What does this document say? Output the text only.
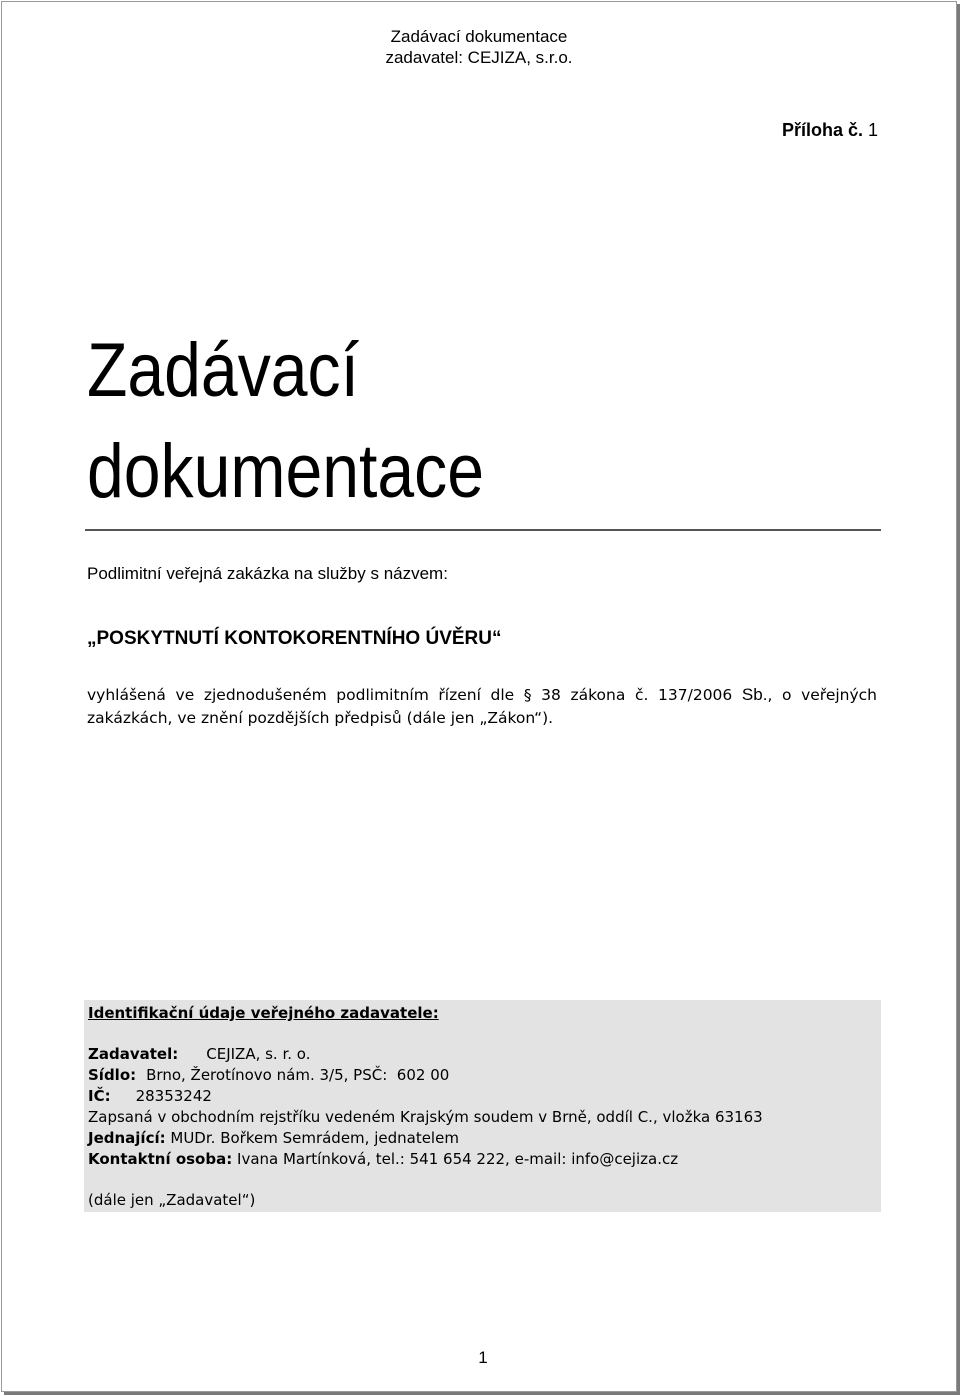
Zadávací dokumentace
zadavatel: CEJIZA, s.r.o.
Příloha č. 1
Zadávací
dokumentace
Podlimitní veřejná zakázka na služby s názvem:
„POSKYTNUTÍ KONTOKORENTNÍHO ÚVĚRU“
vyhlášená ve zjednodušeném podlimitním řízení dle § 38 zákona č. 137/2006 Sb., o veřejných zakázkách, ve znění pozdějších předpisů (dále jen „Zákon“).
Identifikační údaje veřejného zadavatele:
Zadavatel: CEJIZA, s. r. o.
Sídlo: Brno, Žerotínovo nám. 3/5, PSČ: 602 00
IČ: 28353242
Zapsaná v obchodním rejstříku vedeném Krajským soudem v Brně, oddíl C., vložka 63163
Jednající: MUDr. Bořkem Semrádem, jednatelem
Kontaktní osoba: Ivana Martínková, tel.: 541 654 222, e-mail: info@cejiza.cz
(dále jen „Zadavatel“)
1
